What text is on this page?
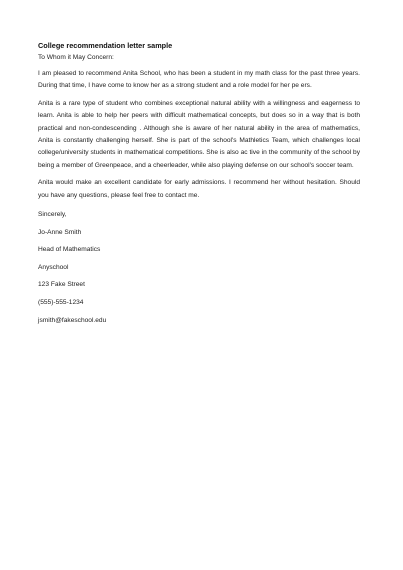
College recommendation letter sample
To Whom it May Concern:

I am pleased to recommend Anita School, who has been a student in my math class for the past three years. During that time, I have come to know her as a strong student and a role model for her pe ers.

Anita is a rare type of student who combines exceptional natural ability with a willingness and eagerness to learn. Anita is able to help her peers with difficult mathematical concepts, but does so in a way that is both practical and non-condescending . Although she is aware of her natural ability in the area of mathematics, Anita is constantly challenging herself. She is part of the school's Mathletics Team, which challenges local college/university students in mathematical competitions. She is also ac tive in the community of the school by being a member of Greenpeace, and a cheerleader, while also playing defense on our school's soccer team.

Anita would make an excellent candidate for early admissions. I recommend her without hesitation. Should you have any questions, please feel free to contact me.

Sincerely,
Jo-Anne Smith
Head of Mathematics
Anyschool
123 Fake Street
(555)-555-1234
jsmith@fakeschool.edu
